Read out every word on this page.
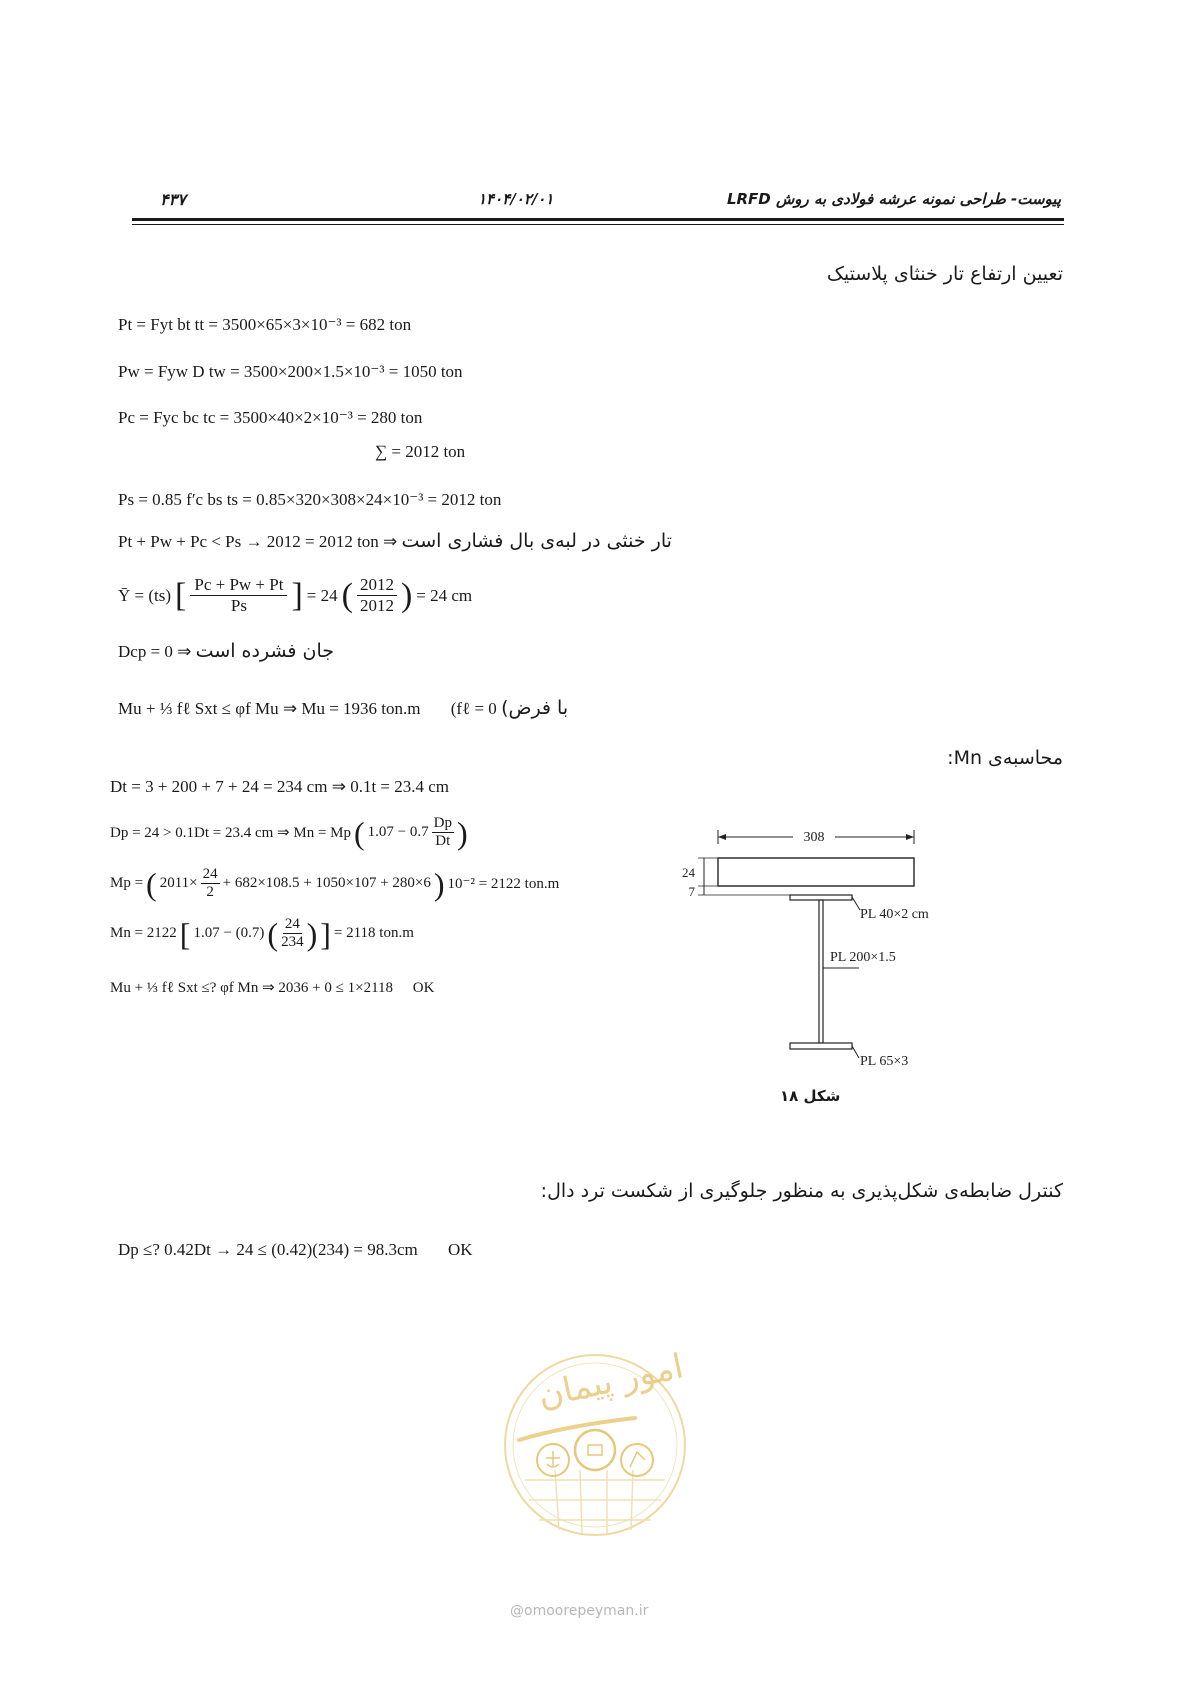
پیوست- طراحی نمونه عرشه فولادی به روش LRFD
۱۴۰۴/۰۲/۰۱
۴۳۷
تعیین ارتفاع تار خنثای پلاستیک
Pt = Fyt bt tt = 3500×65×3×10⁻³ = 682 ton
Pw = Fyw D tw = 3500×200×1.5×10⁻³ = 1050 ton
Pc = Fyc bc tc = 3500×40×2×10⁻³ = 280 ton
∑ = 2012 ton
Ps = 0.85 f′c bs ts = 0.85×320×308×24×10⁻³ = 2012 ton
Pt + Pw + Pc < Ps → 2012 = 2012 ton ⇒ تار خنثی در لبه‌ی بال فشاری است
Ȳ = (ts) [ $\frac{Pc + Pw + Pt}{Ps}$ ] = 24 ( $\frac{2012}{2012}$ ) = 24 cm
Dcp = 0 ⇒ جان فشرده است
Mu + ⅓ fℓ Sxt ≤ φf Mu ⇒ Mu = 1936 ton.m (fℓ = 0 با فرض)
محاسبه‌ی Mn:
Dt = 3 + 200 + 7 + 24 = 234 cm ⇒ 0.1t = 23.4 cm
Dp = 24 > 0.1Dt = 23.4 cm ⇒ Mn = Mp ( $1.07 - 0.7 \frac{Dp}{Dt}$ )
Mp = ( $2011\times \frac{24}{2} + 682\times 108.5 + 1050\times 107 + 280\times 6$ ) 10⁻² = 2122 ton.m
Mn = 2122 [ 1.07 − (0.7) ( $\frac{24}{234}$ ) ] = 2118 ton.m
Mu + ⅓ fℓ Sxt ≤? φf Mn ⇒ 2036 + 0 ≤ 1×2118 OK
308
24
7
PL 40×2 cm
PL 200×1.5
PL 65×3
شکل ۱۸
کنترل ضابطه‌ی شکل‌پذیری به منظور جلوگیری از شکست ترد دال:
Dp ≤? 0.42Dt → 24 ≤ (0.42)(234) = 98.3cm OK
امور پیمان
@omoorepeyman.ir
